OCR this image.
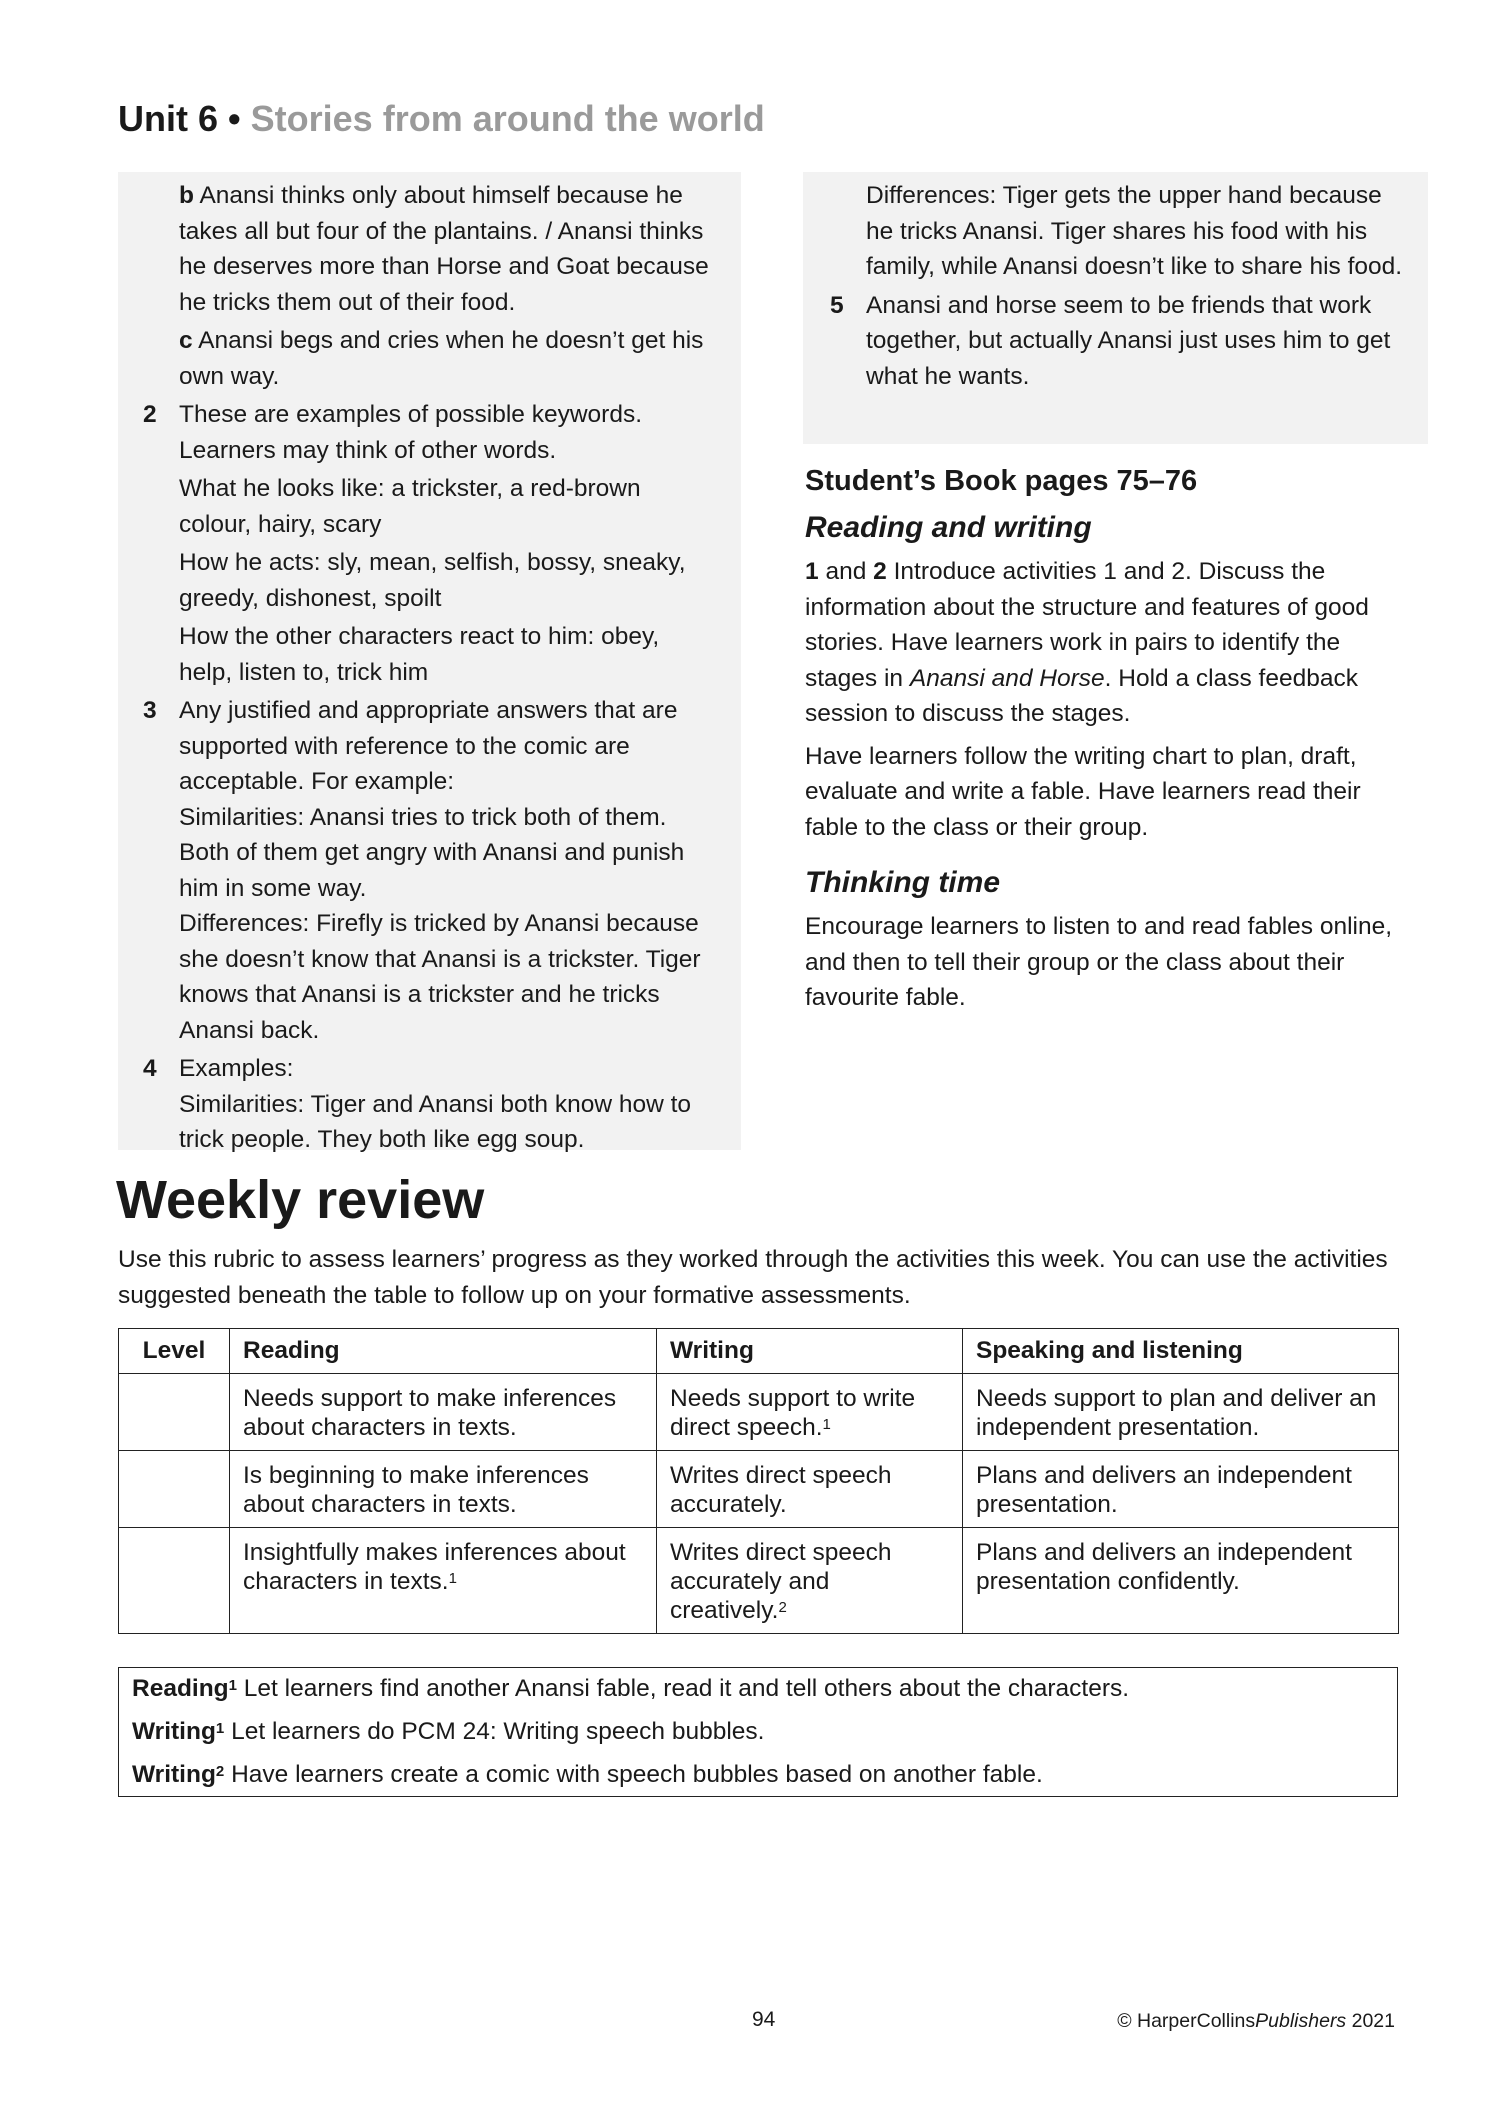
Unit 6 • Stories from around the world

b Anansi thinks only about himself because he takes all but four of the plantains. / Anansi thinks he deserves more than Horse and Goat because he tricks them out of their food.

c Anansi begs and cries when he doesn’t get his own way.

2 These are examples of possible keywords. Learners may think of other words.

What he looks like: a trickster, a red-brown colour, hairy, scary

How he acts: sly, mean, selfish, bossy, sneaky, greedy, dishonest, spoilt

How the other characters react to him: obey, help, listen to, trick him

3 Any justified and appropriate answers that are supported with reference to the comic are acceptable. For example:

Similarities: Anansi tries to trick both of them. Both of them get angry with Anansi and punish him in some way.

Differences: Firefly is tricked by Anansi because she doesn’t know that Anansi is a trickster. Tiger knows that Anansi is a trickster and he tricks Anansi back.

4 Examples:

Similarities: Tiger and Anansi both know how to trick people. They both like egg soup.

Differences: Tiger gets the upper hand because he tricks Anansi. Tiger shares his food with his family, while Anansi doesn’t like to share his food.

5 Anansi and horse seem to be friends that work together, but actually Anansi just uses him to get what he wants.

Student’s Book pages 75–76
Reading and writing

1 and 2 Introduce activities 1 and 2. Discuss the information about the structure and features of good stories. Have learners work in pairs to identify the stages in Anansi and Horse. Hold a class feedback session to discuss the stages.

Have learners follow the writing chart to plan, draft, evaluate and write a fable. Have learners read their fable to the class or their group.

Thinking time

Encourage learners to listen to and read fables online, and then to tell their group or the class about their favourite fable.

Weekly review

Use this rubric to assess learners’ progress as they worked through the activities this week. You can use the activities suggested beneath the table to follow up on your formative assessments.

Level	Reading	Writing	Speaking and listening
	Needs support to make inferences about characters in texts.	Needs support to write direct speech.$^1$	Needs support to plan and deliver an independent presentation.
	Is beginning to make inferences about characters in texts.	Writes direct speech accurately.	Plans and delivers an independent presentation.
	Insightfully makes inferences about characters in texts.$^1$	Writes direct speech accurately and creatively.$^2$	Plans and delivers an independent presentation confidently.

Reading$^1$ Let learners find another Anansi fable, read it and tell others about the characters.

Writing$^1$ Let learners do PCM 24: Writing speech bubbles.

Writing$^2$ Have learners create a comic with speech bubbles based on another fable.

94	© HarperCollinsPublishers 2021
